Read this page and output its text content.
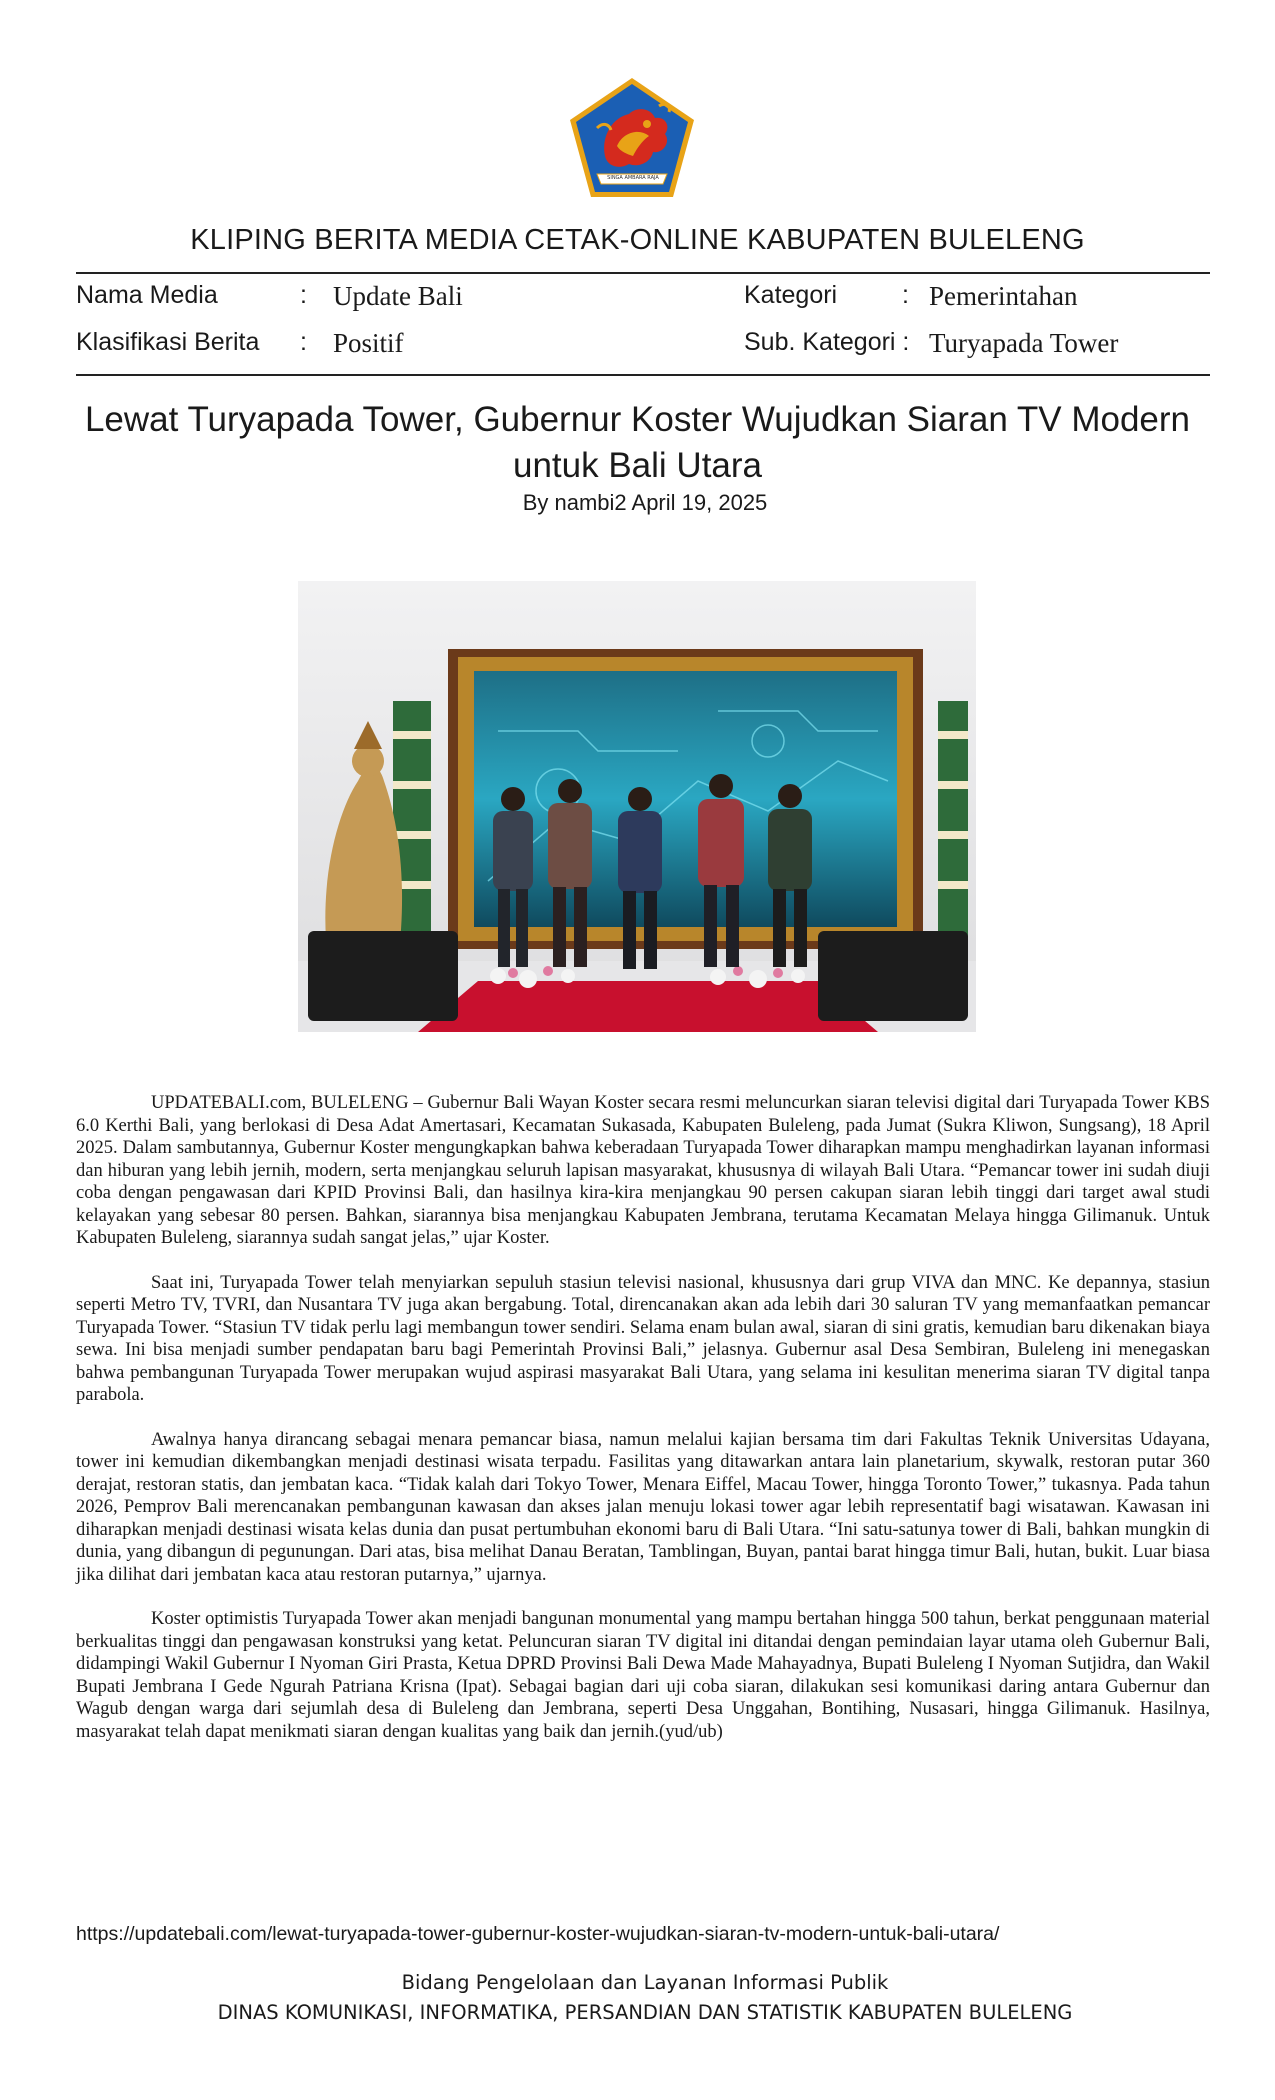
SINGA AMBARA RAJA
KLIPING BERITA MEDIA CETAK-ONLINE KABUPATEN BULELENG
Nama Media	: Update Bali	Kategori	: Pemerintahan
Klasifikasi Berita : Positif	Sub. Kategori : Turyapada Tower
Lewat Turyapada Tower, Gubernur Koster Wujudkan Siaran TV Modern
untuk Bali Utara
By nambi2 April 19, 2025

UPDATEBALI.com, BULELENG – Gubernur Bali Wayan Koster secara resmi meluncurkan siaran televisi digital dari Turyapada Tower KBS 6.0 Kerthi Bali, yang berlokasi di Desa Adat Amertasari, Kecamatan Sukasada, Kabupaten Buleleng, pada Jumat (Sukra Kliwon, Sungsang), 18 April 2025. Dalam sambutannya, Gubernur Koster mengungkapkan bahwa keberadaan Turyapada Tower diharapkan mampu menghadirkan layanan informasi dan hiburan yang lebih jernih, modern, serta menjangkau seluruh lapisan masyarakat, khususnya di wilayah Bali Utara. “Pemancar tower ini sudah diuji coba dengan pengawasan dari KPID Provinsi Bali, dan hasilnya kira-kira menjangkau 90 persen cakupan siaran lebih tinggi dari target awal studi kelayakan yang sebesar 80 persen. Bahkan, siarannya bisa menjangkau Kabupaten Jembrana, terutama Kecamatan Melaya hingga Gilimanuk. Untuk Kabupaten Buleleng, siarannya sudah sangat jelas,” ujar Koster.

Saat ini, Turyapada Tower telah menyiarkan sepuluh stasiun televisi nasional, khususnya dari grup VIVA dan MNC. Ke depannya, stasiun seperti Metro TV, TVRI, dan Nusantara TV juga akan bergabung. Total, direncanakan akan ada lebih dari 30 saluran TV yang memanfaatkan pemancar Turyapada Tower. “Stasiun TV tidak perlu lagi membangun tower sendiri. Selama enam bulan awal, siaran di sini gratis, kemudian baru dikenakan biaya sewa. Ini bisa menjadi sumber pendapatan baru bagi Pemerintah Provinsi Bali,” jelasnya. Gubernur asal Desa Sembiran, Buleleng ini menegaskan bahwa pembangunan Turyapada Tower merupakan wujud aspirasi masyarakat Bali Utara, yang selama ini kesulitan menerima siaran TV digital tanpa parabola.

Awalnya hanya dirancang sebagai menara pemancar biasa, namun melalui kajian bersama tim dari Fakultas Teknik Universitas Udayana, tower ini kemudian dikembangkan menjadi destinasi wisata terpadu. Fasilitas yang ditawarkan antara lain planetarium, skywalk, restoran putar 360 derajat, restoran statis, dan jembatan kaca. “Tidak kalah dari Tokyo Tower, Menara Eiffel, Macau Tower, hingga Toronto Tower,” tukasnya. Pada tahun 2026, Pemprov Bali merencanakan pembangunan kawasan dan akses jalan menuju lokasi tower agar lebih representatif bagi wisatawan. Kawasan ini diharapkan menjadi destinasi wisata kelas dunia dan pusat pertumbuhan ekonomi baru di Bali Utara. “Ini satu-satunya tower di Bali, bahkan mungkin di dunia, yang dibangun di pegunungan. Dari atas, bisa melihat Danau Beratan, Tamblingan, Buyan, pantai barat hingga timur Bali, hutan, bukit. Luar biasa jika dilihat dari jembatan kaca atau restoran putarnya,” ujarnya.

Koster optimistis Turyapada Tower akan menjadi bangunan monumental yang mampu bertahan hingga 500 tahun, berkat penggunaan material berkualitas tinggi dan pengawasan konstruksi yang ketat. Peluncuran siaran TV digital ini ditandai dengan pemindaian layar utama oleh Gubernur Bali, didampingi Wakil Gubernur I Nyoman Giri Prasta, Ketua DPRD Provinsi Bali Dewa Made Mahayadnya, Bupati Buleleng I Nyoman Sutjidra, dan Wakil Bupati Jembrana I Gede Ngurah Patriana Krisna (Ipat). Sebagai bagian dari uji coba siaran, dilakukan sesi komunikasi daring antara Gubernur dan Wagub dengan warga dari sejumlah desa di Buleleng dan Jembrana, seperti Desa Unggahan, Bontihing, Nusasari, hingga Gilimanuk. Hasilnya, masyarakat telah dapat menikmati siaran dengan kualitas yang baik dan jernih.(yud/ub)

https://updatebali.com/lewat-turyapada-tower-gubernur-koster-wujudkan-siaran-tv-modern-untuk-bali-utara/
Bidang Pengelolaan dan Layanan Informasi Publik
DINAS KOMUNIKASI, INFORMATIKA, PERSANDIAN DAN STATISTIK KABUPATEN BULELENG
